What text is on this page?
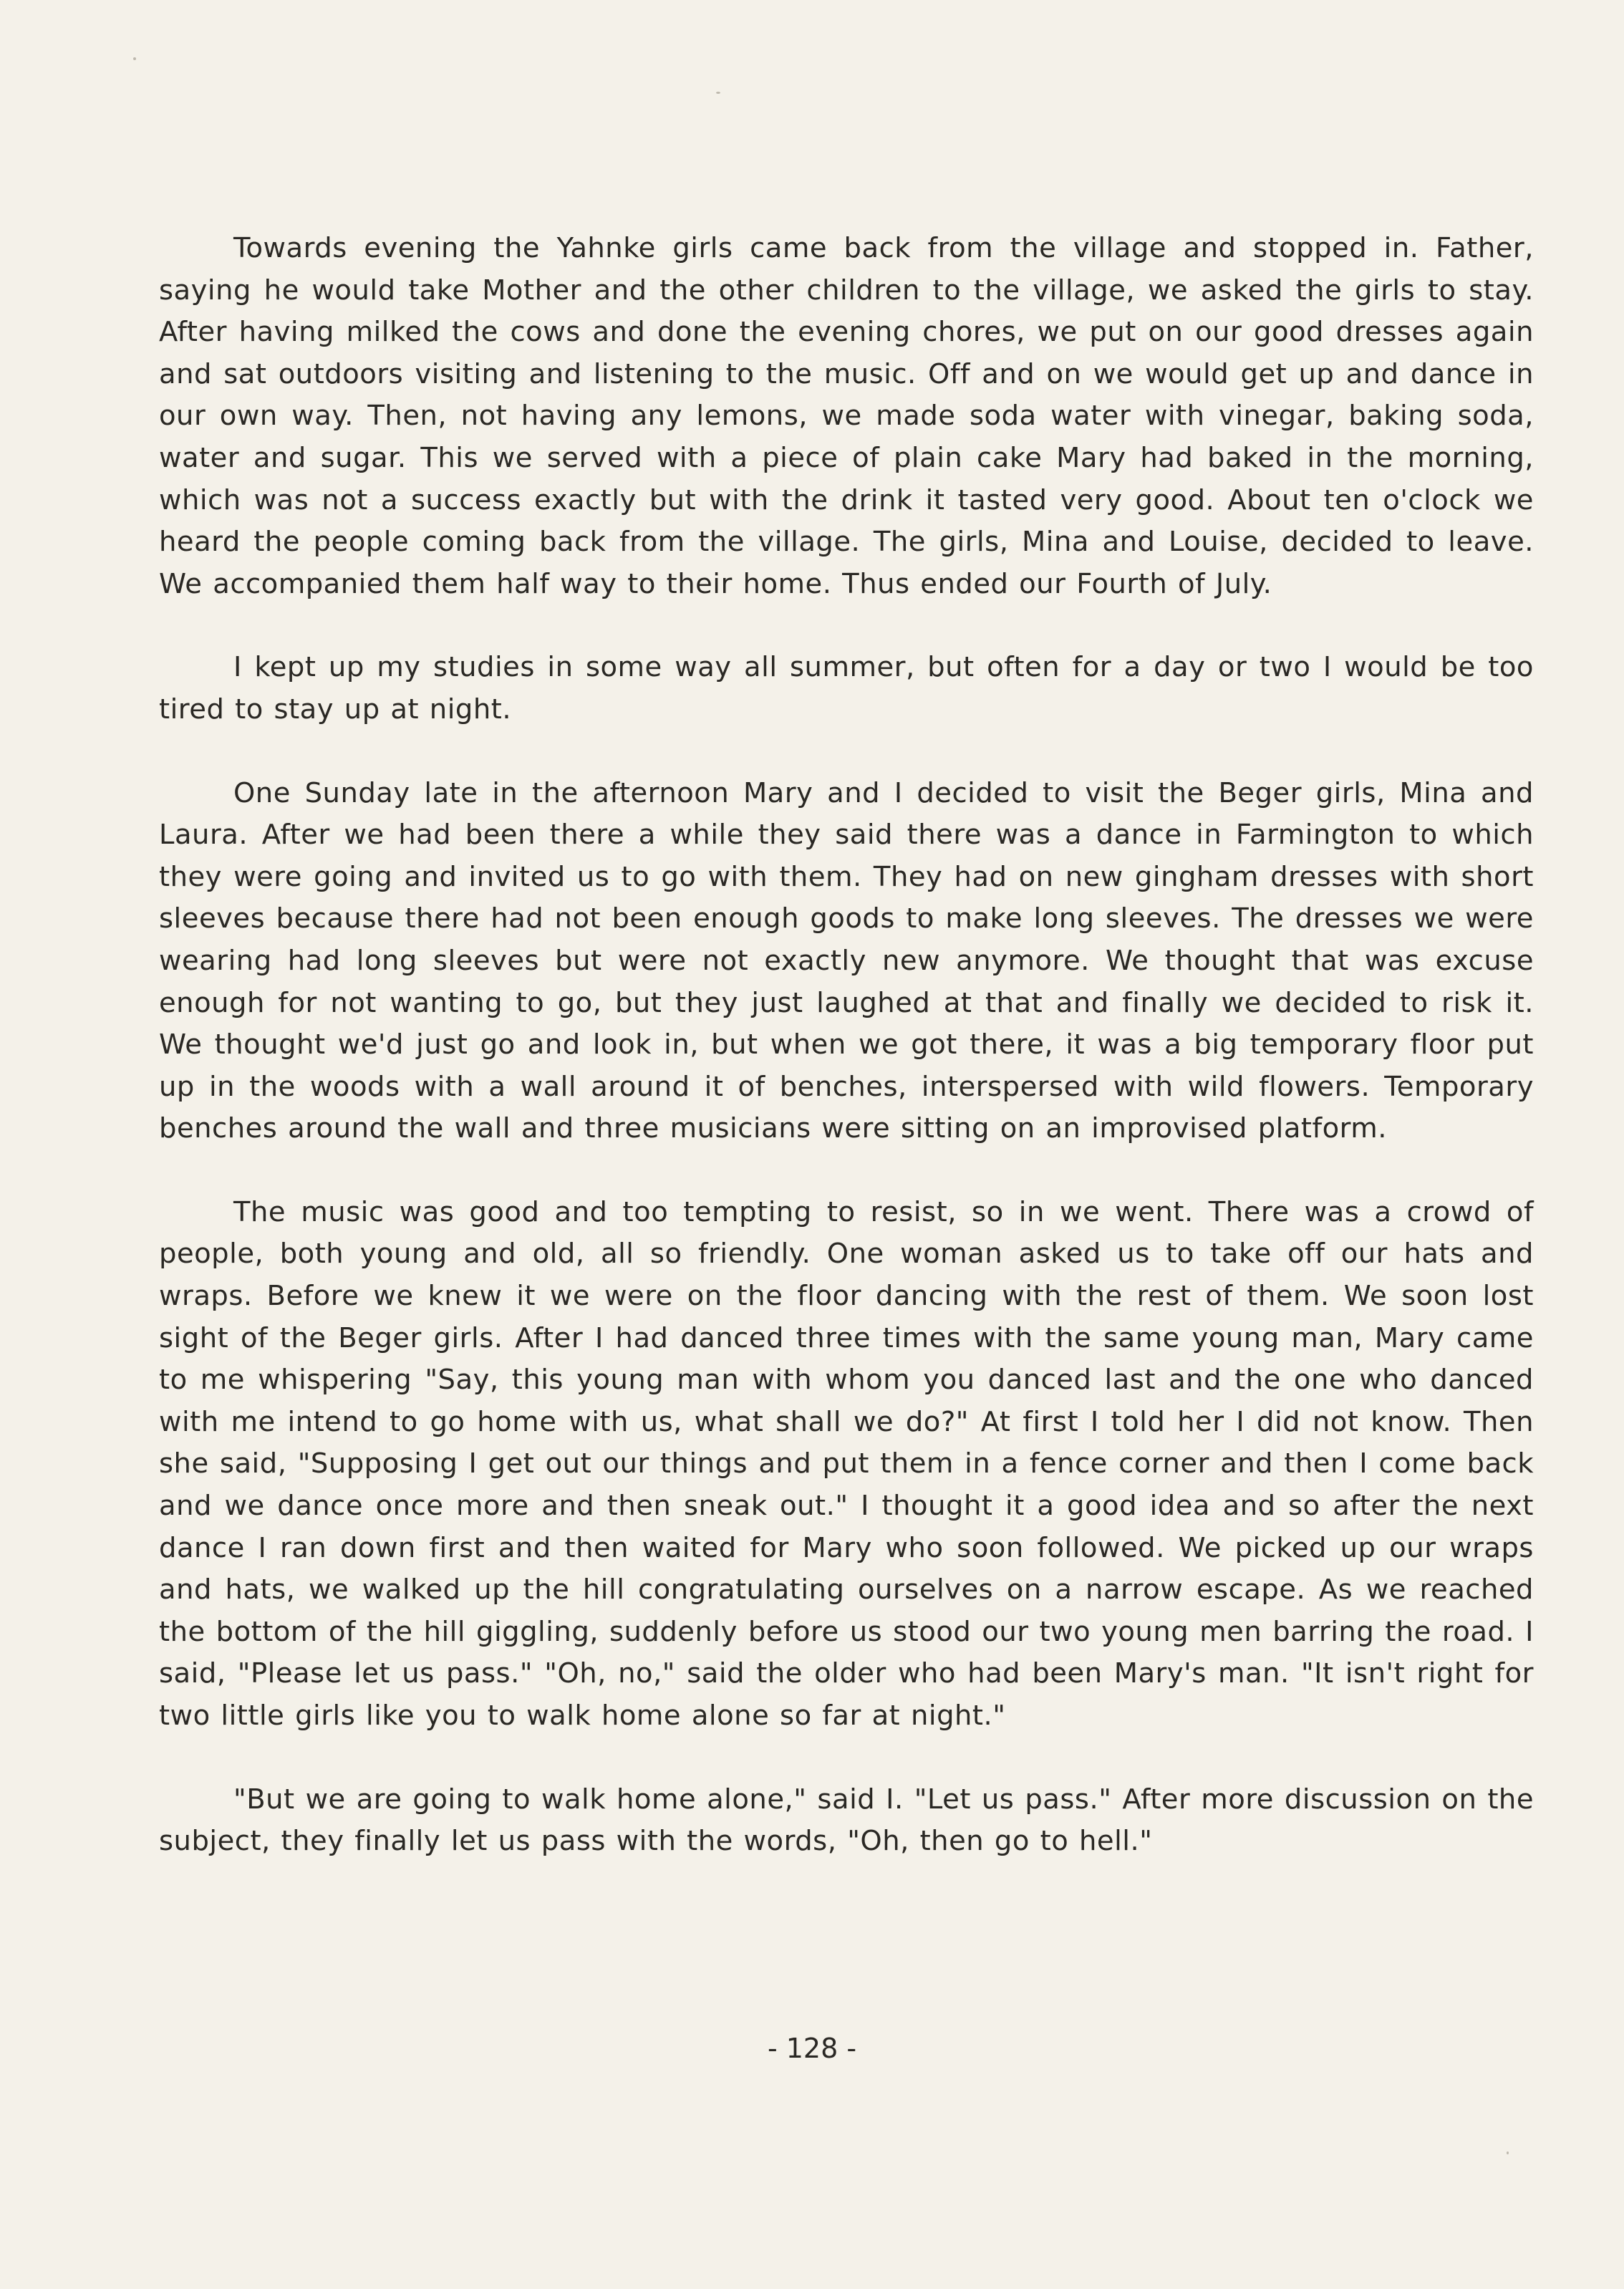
Towards evening the Yahnke girls came back from the village and stopped in. Father, saying he would take Mother and the other children to the village, we asked the girls to stay. After having milked the cows and done the evening chores, we put on our good dresses again and sat outdoors visiting and listening to the music. Off and on we would get up and dance in our own way. Then, not having any lemons, we made soda water with vinegar, baking soda, water and sugar. This we served with a piece of plain cake Mary had baked in the morning, which was not a success exactly but with the drink it tasted very good. About ten o'clock we heard the people coming back from the village. The girls, Mina and Louise, decided to leave. We accompanied them half way to their home. Thus ended our Fourth of July.

I kept up my studies in some way all summer, but often for a day or two I would be too tired to stay up at night.

One Sunday late in the afternoon Mary and I decided to visit the Beger girls, Mina and Laura. After we had been there a while they said there was a dance in Farmington to which they were going and invited us to go with them. They had on new gingham dresses with short sleeves because there had not been enough goods to make long sleeves. The dresses we were wearing had long sleeves but were not exactly new anymore. We thought that was excuse enough for not wanting to go, but they just laughed at that and finally we decided to risk it. We thought we'd just go and look in, but when we got there, it was a big temporary floor put up in the woods with a wall around it of benches, interspersed with wild flowers. Temporary benches around the wall and three musicians were sitting on an improvised platform.

The music was good and too tempting to resist, so in we went. There was a crowd of people, both young and old, all so friendly. One woman asked us to take off our hats and wraps. Before we knew it we were on the floor dancing with the rest of them. We soon lost sight of the Beger girls. After I had danced three times with the same young man, Mary came to me whispering "Say, this young man with whom you danced last and the one who danced with me intend to go home with us, what shall we do?" At first I told her I did not know. Then she said, "Supposing I get out our things and put them in a fence corner and then I come back and we dance once more and then sneak out." I thought it a good idea and so after the next dance I ran down first and then waited for Mary who soon followed. We picked up our wraps and hats, we walked up the hill congratulating ourselves on a narrow escape. As we reached the bottom of the hill giggling, suddenly before us stood our two young men barring the road. I said, "Please let us pass." "Oh, no," said the older who had been Mary's man. "It isn't right for two little girls like you to walk home alone so far at night."

"But we are going to walk home alone," said I. "Let us pass." After more discussion on the subject, they finally let us pass with the words, "Oh, then go to hell."

- 128 -
